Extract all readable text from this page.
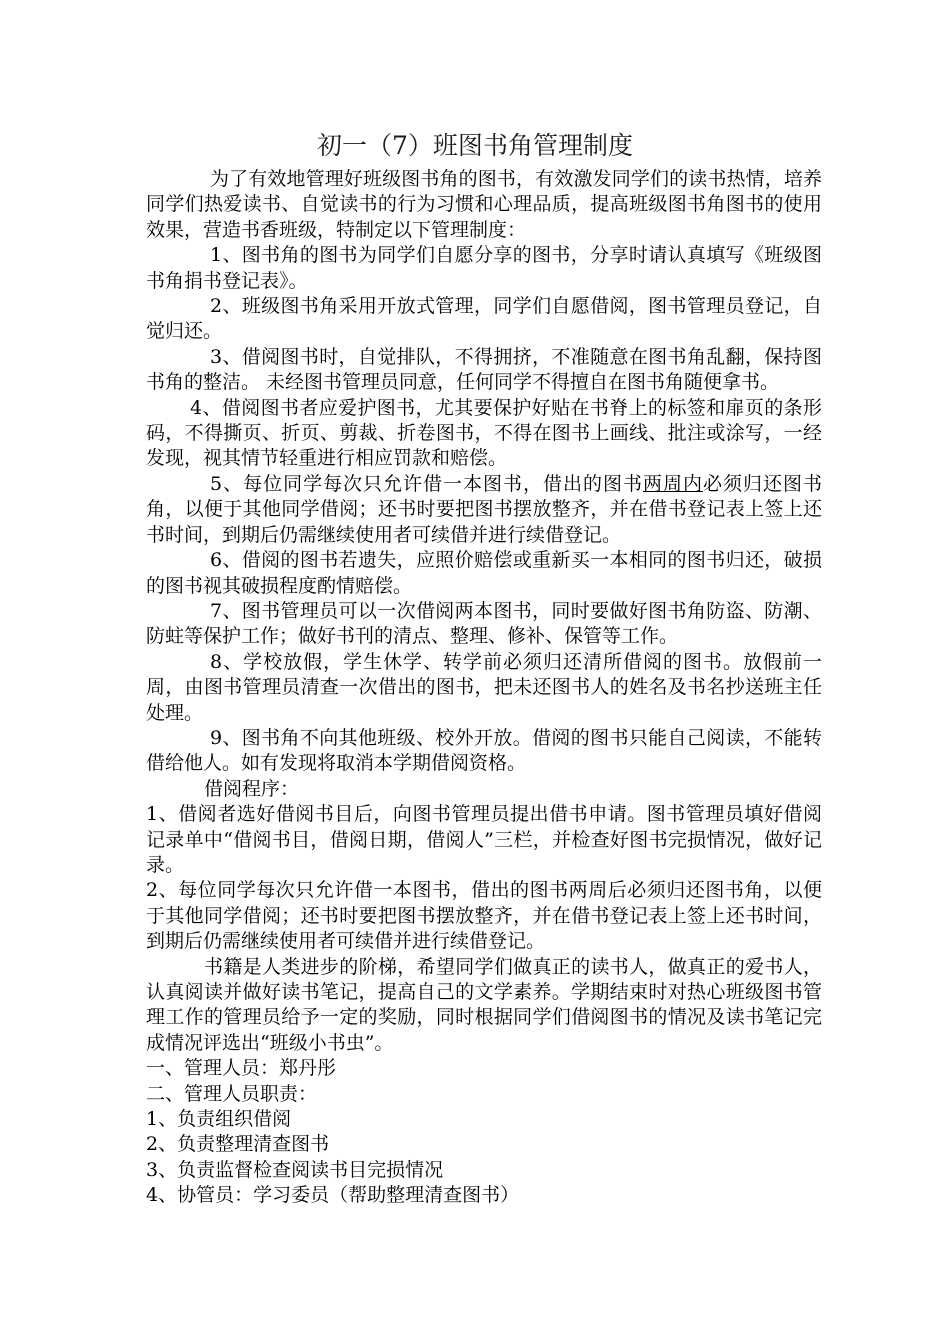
初一（7）班图书角管理制度

为了有效地管理好班级图书角的图书，有效激发同学们的读书热情，培养同学们热爱读书、自觉读书的行为习惯和心理品质，提高班级图书角图书的使用效果，营造书香班级，特制定以下管理制度：

1、图书角的图书为同学们自愿分享的图书，分享时请认真填写《班级图书角捐书登记表》。

2、班级图书角采用开放式管理，同学们自愿借阅，图书管理员登记，自觉归还。

3、借阅图书时，自觉排队，不得拥挤，不准随意在图书角乱翻，保持图书角的整洁。 未经图书管理员同意，任何同学不得擅自在图书角随便拿书。

4、借阅图书者应爱护图书，尤其要保护好贴在书脊上的标签和扉页的条形码，不得撕页、折页、剪裁、折卷图书，不得在图书上画线、批注或涂写，一经发现，视其情节轻重进行相应罚款和赔偿。

5、每位同学每次只允许借一本图书，借出的图书两周内必须归还图书角，以便于其他同学借阅；还书时要把图书摆放整齐，并在借书登记表上签上还书时间，到期后仍需继续使用者可续借并进行续借登记。

6、借阅的图书若遗失，应照价赔偿或重新买一本相同的图书归还，破损的图书视其破损程度酌情赔偿。

7、图书管理员可以一次借阅两本图书，同时要做好图书角防盗、防潮、防蛀等保护工作；做好书刊的清点、整理、修补、保管等工作。

8、学校放假，学生休学、转学前必须归还清所借阅的图书。放假前一周，由图书管理员清查一次借出的图书，把未还图书人的姓名及书名抄送班主任处理。

9、图书角不向其他班级、校外开放。借阅的图书只能自己阅读，不能转借给他人。如有发现将取消本学期借阅资格。

借阅程序：

1、借阅者选好借阅书目后，向图书管理员提出借书申请。图书管理员填好借阅记录单中“借阅书目，借阅日期，借阅人”三栏，并检查好图书完损情况，做好记录。

2、每位同学每次只允许借一本图书，借出的图书两周后必须归还图书角，以便于其他同学借阅；还书时要把图书摆放整齐，并在借书登记表上签上还书时间，到期后仍需继续使用者可续借并进行续借登记。

书籍是人类进步的阶梯，希望同学们做真正的读书人，做真正的爱书人，认真阅读并做好读书笔记，提高自己的文学素养。学期结束时对热心班级图书管理工作的管理员给予一定的奖励，同时根据同学们借阅图书的情况及读书笔记完成情况评选出“班级小书虫”。

一、管理人员：郑丹彤

二、管理人员职责：

1、负责组织借阅

2、负责整理清查图书

3、负责监督检查阅读书目完损情况

4、协管员：学习委员（帮助整理清查图书）
